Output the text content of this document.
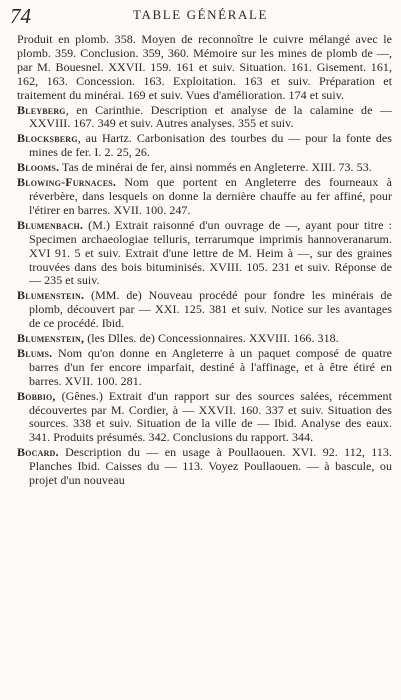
74	TABLE GÉNÉRALE

Produit en plomb. 358. Moyen de reconnoître le cuivre mélangé avec le plomb. 359. Conclusion. 359, 360. Mémoire sur les mines de plomb de —, par M. Bouesnel. XXVII. 159. 161 et suiv. Situation. 161. Gisement. 161, 162, 163. Concession. 163. Exploitation. 163 et suiv. Préparation et traitement du minérai. 169 et suiv. Vues d'amélioration. 174 et suiv.

Bleyberg, en Carinthie. Description et analyse de la calamine de — XXVIII. 167. 349 et suiv. Autres analyses. 355 et suiv.

Blocksberg, au Hartz. Carbonisation des tourbes du — pour la fonte des mines de fer. I. 2. 25, 26.

Blooms. Tas de minérai de fer, ainsi nommés en Angleterre. XIII. 73. 53.

Blowing-Furnaces. Nom que portent en Angleterre des fourneaux à réverbère, dans lesquels on donne la dernière chauffe au fer affiné, pour l'étirer en barres. XVII. 100. 247.

Blumenbach. (M.) Extrait raisonné d'un ouvrage de —, ayant pour titre : Specimen archaeologiae telluris, terrarumque imprimis hannoveranarum. XVI 91. 5 et suiv. Extrait d'une lettre de M. Heim à —, sur des graines trouvées dans des bois bituminisés. XVIII. 105. 231 et suiv. Réponse de — 235 et suiv.

Blumenstein. (MM. de) Nouveau procédé pour fondre les minérais de plomb, découvert par — XXI. 125. 381 et suiv. Notice sur les avantages de ce procédé. Ibid.

Blumenstein, (les Dlles. de) Concessionnaires. XXVIII. 166. 318.

Blums. Nom qu'on donne en Angleterre à un paquet composé de quatre barres d'un fer encore imparfait, destiné à l'affinage, et à être étiré en barres. XVII. 100. 281.

Bobbio, (Gênes.) Extrait d'un rapport sur des sources salées, récemment découvertes par M. Cordier, à — XXVII. 160. 337 et suiv. Situation des sources. 338 et suiv. Situation de la ville de — Ibid. Analyse des eaux. 341. Produits présumés. 342. Conclusions du rapport. 344.

Bocard. Description du — en usage à Poullaouen. XVI. 92. 112, 113. Planches Ibid. Caisses du — 113. Voyez Poullaouen. — à bascule, ou projet d'un nouveau
